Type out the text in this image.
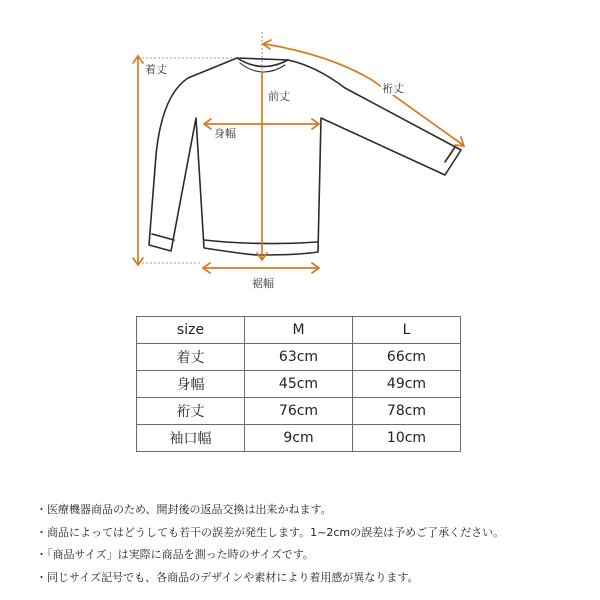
着丈
前丈
裄丈
身幅
裾幅
size	M	L
着丈	63cm	66cm
身幅	45cm	49cm
裄丈	76cm	78cm
袖口幅	9cm	10cm
・医療機器商品のため、開封後の返品交換は出来かねます。
・商品によってはどうしても若干の誤差が発生します。1~2cmの誤差は予めご了承ください。
・「商品サイズ」は実際に商品を測った時のサイズです。
・同じサイズ記号でも、各商品のデザインや素材により着用感が異なります。
